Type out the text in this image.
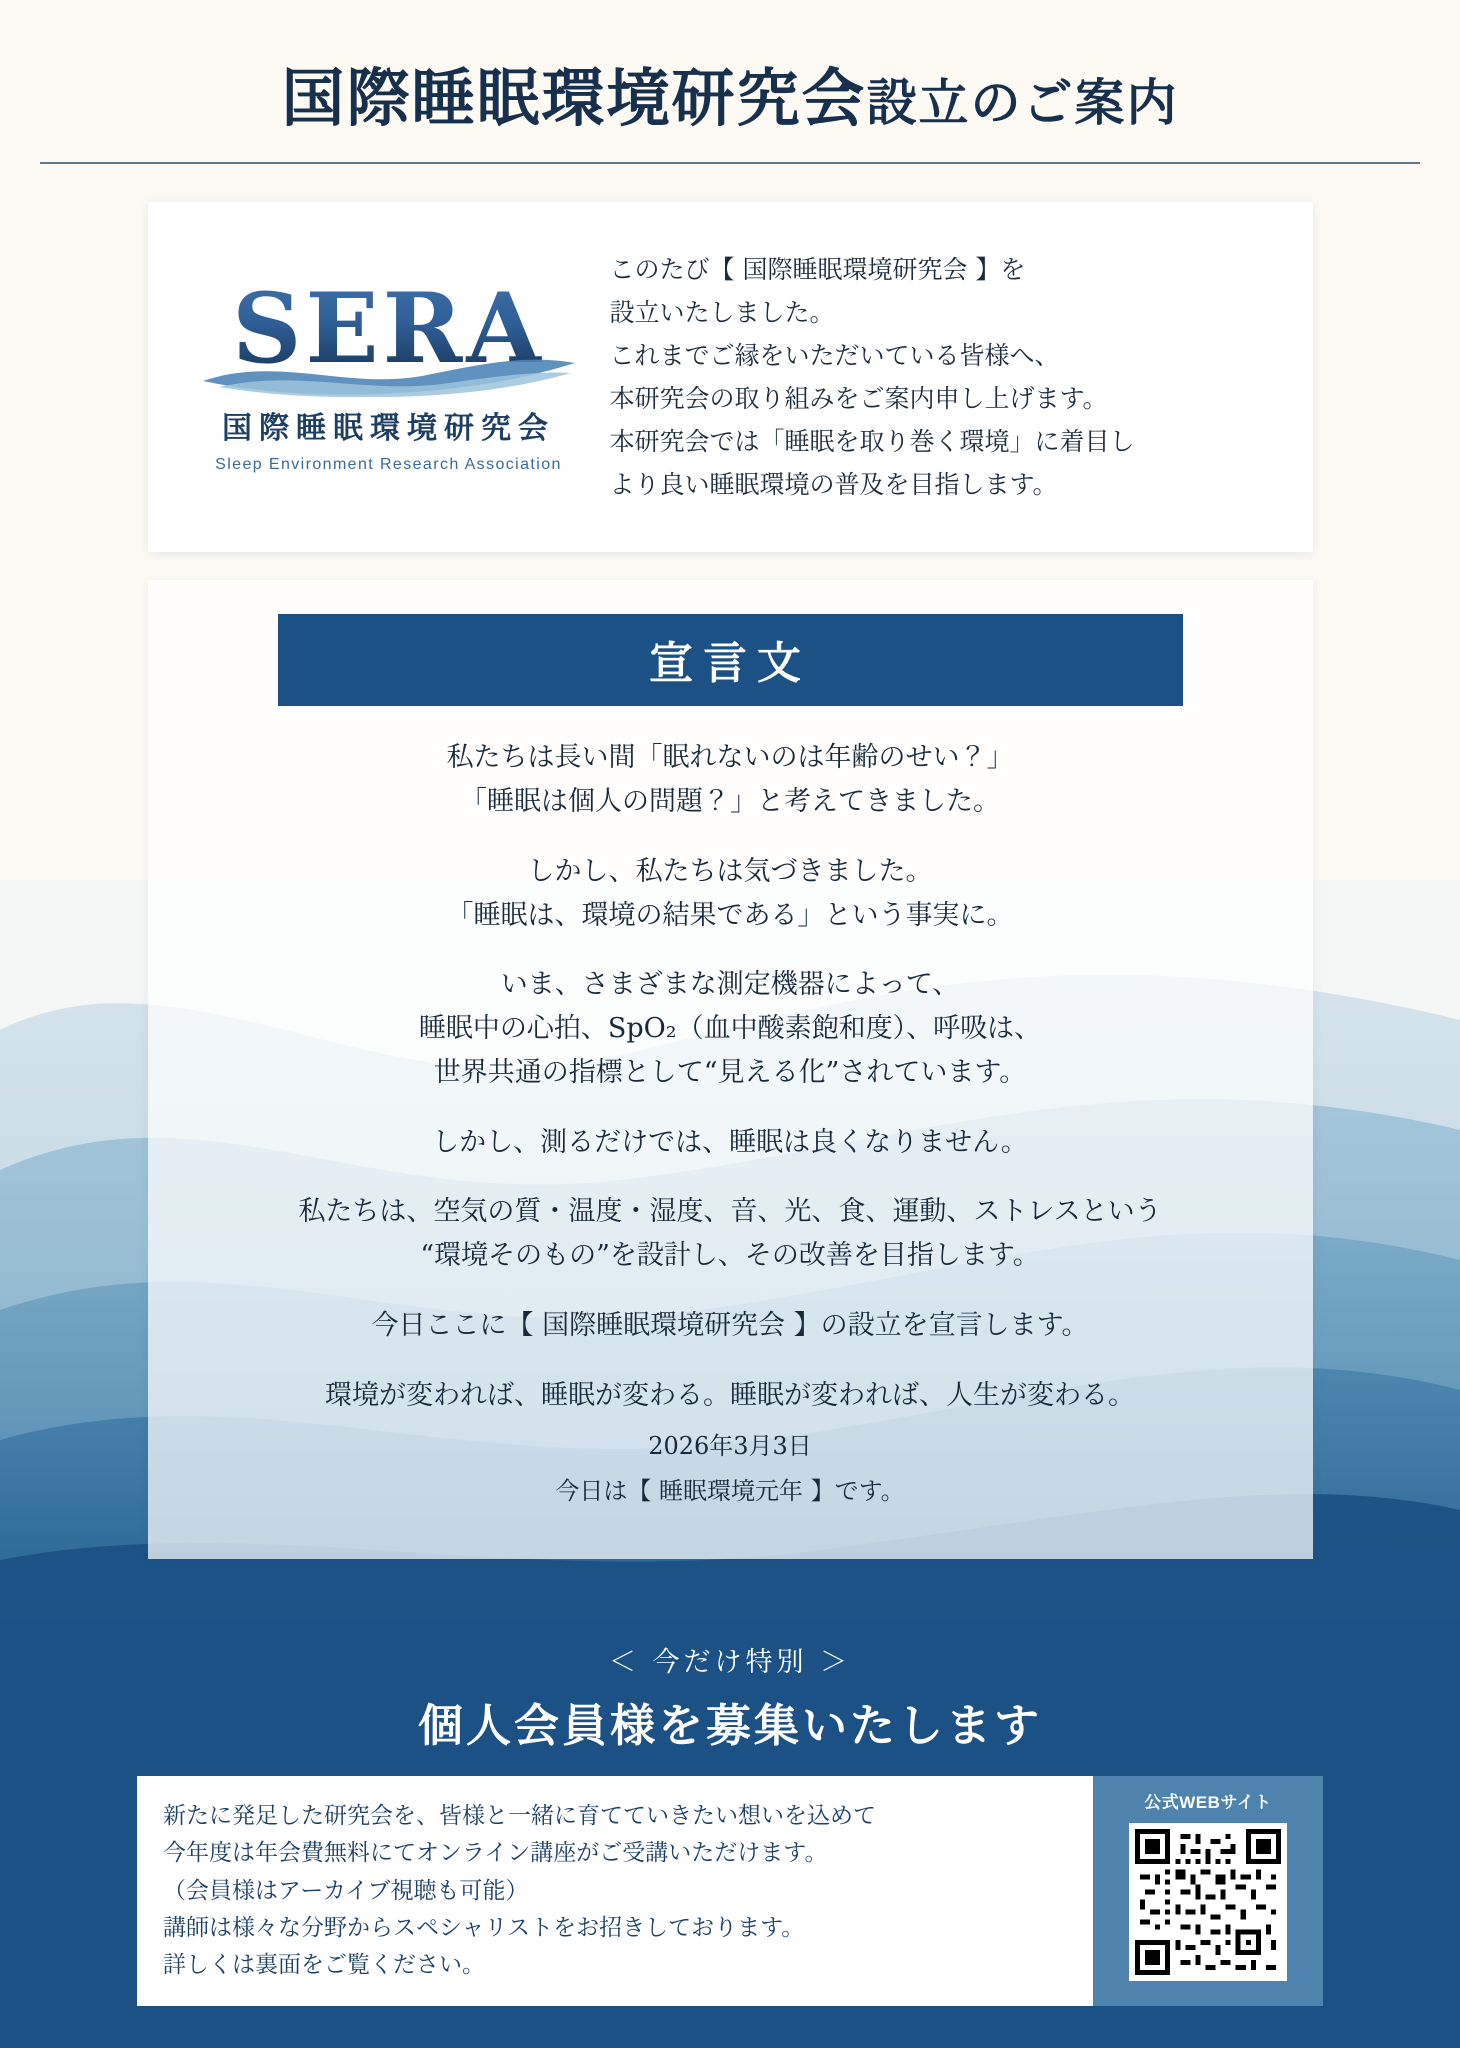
国際睡眠環境研究会設立のご案内
SERA
国際睡眠環境研究会
Sleep Environment Research Association
このたび【 国際睡眠環境研究会 】を
設立いたしました。
これまでご縁をいただいている皆様へ、
本研究会の取り組みをご案内申し上げます。
本研究会では「睡眠を取り巻く環境」に着目し
より良い睡眠環境の普及を目指します。
宣言文

私たちは長い間「眠れないのは年齢のせい？」
「睡眠は個人の問題？」と考えてきました。

しかし、私たちは気づきました。
「睡眠は、環境の結果である」という事実に。

いま、さまざまな測定機器によって、
睡眠中の心拍、SpO₂（血中酸素飽和度）、呼吸は、
世界共通の指標として“見える化”されています。

しかし、測るだけでは、睡眠は良くなりません。

私たちは、空気の質・温度・湿度、音、光、食、運動、ストレスという
“環境そのもの”を設計し、その改善を目指します。

今日ここに【 国際睡眠環境研究会 】の設立を宣言します。

環境が変われば、睡眠が変わる。睡眠が変われば、人生が変わる。

2026年3月3日

今日は【 睡眠環境元年 】です。

＜ 今だけ特別 ＞
個人会員様を募集いたします
新たに発足した研究会を、皆様と一緒に育てていきたい想いを込めて
今年度は年会費無料にてオンライン講座がご受講いただけます。
（会員様はアーカイブ視聴も可能）
講師は様々な分野からスペシャリストをお招きしております。
詳しくは裏面をご覧ください。
公式WEBサイト
